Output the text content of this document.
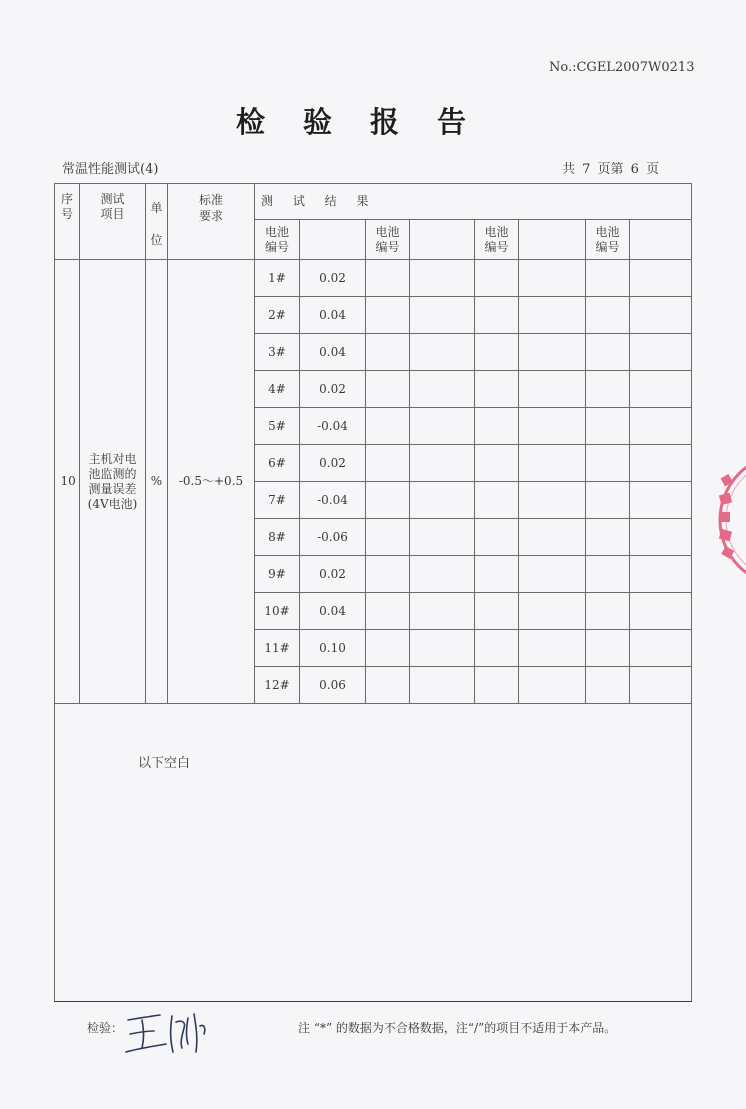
No.:CGEL2007W0213
检验报告
常温性能测试(4)	共 7 页第 6 页
序号	测试项目	单位	标准要求	测 试 结 果							
				电池编号		电池编号		电池编号		电池编号	
10	主机对电池监测的测量误差(4V电池)	%	-0.5～+0.5	1#	0.02						
				2#	0.04						
				3#	0.04						
				4#	0.02						
				5#	-0.04						
				6#	0.02						
				7#	-0.04						
				8#	-0.06						
				9#	0.02						
				10#	0.04						
				11#	0.10						
				12#	0.06						

以下空白
检验：	注 “*” 的数据为不合格数据，注“/”的项目不适用于本产品。
